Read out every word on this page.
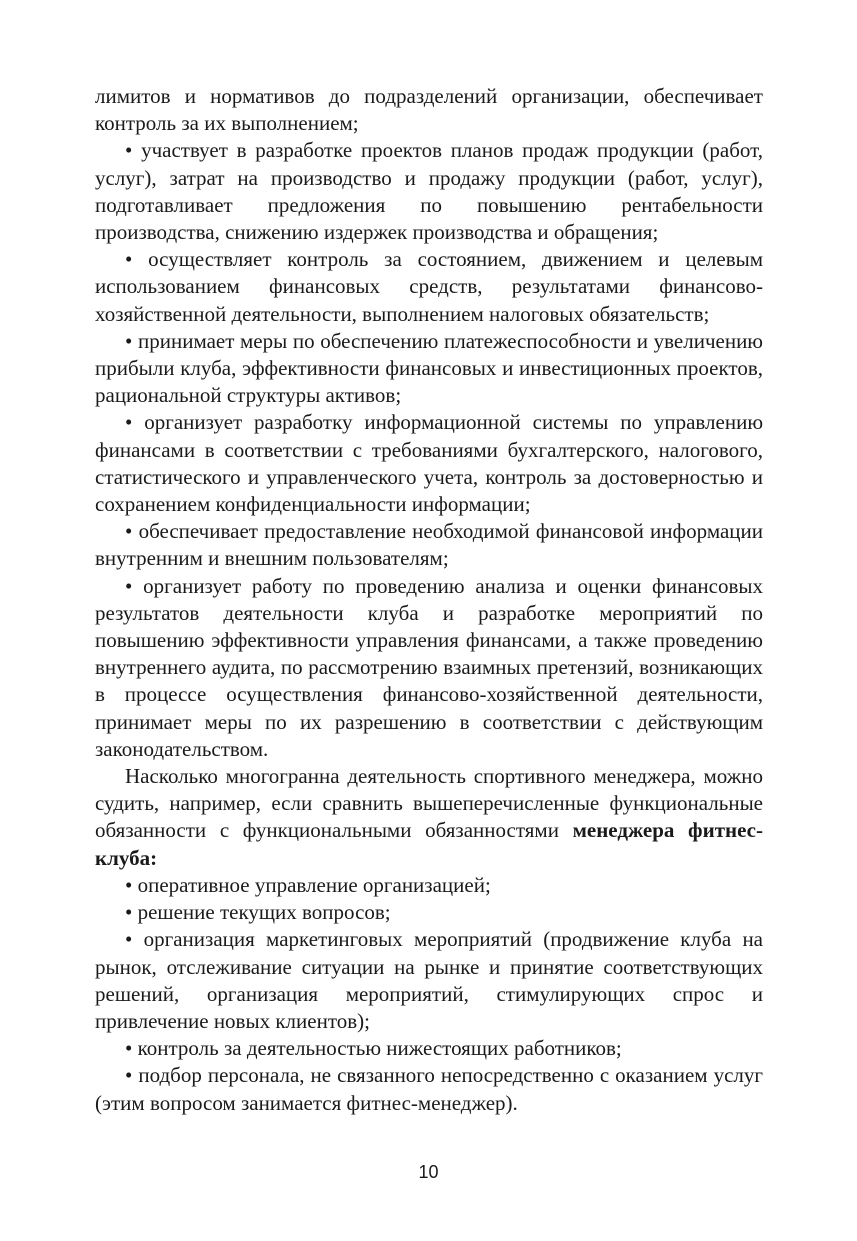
лимитов и нормативов до подразделений организации, обеспечивает контроль за их выполнением;

• участвует в разработке проектов планов продаж продукции (работ, услуг), затрат на производство и продажу продукции (работ, услуг), подготавливает предложения по повышению рентабельности производства, снижению издержек производства и обращения;

• осуществляет контроль за состоянием, движением и целевым использованием финансовых средств, результатами финансово-хозяйственной деятельности, выполнением налоговых обязательств;

• принимает меры по обеспечению платежеспособности и увеличению прибыли клуба, эффективности финансовых и инвестиционных проектов, рациональной структуры активов;

• организует разработку информационной системы по управлению финансами в соответствии с требованиями бухгалтерского, налогового, статистического и управленческого учета, контроль за достоверностью и сохранением конфиденциальности информации;

• обеспечивает предоставление необходимой финансовой информации внутренним и внешним пользователям;

• организует работу по проведению анализа и оценки финансовых результатов деятельности клуба и разработке мероприятий по повышению эффективности управления финансами, а также проведению внутреннего аудита, по рассмотрению взаимных претензий, возникающих в процессе осуществления финансово-хозяйственной деятельности, принимает меры по их разрешению в соответствии с действующим законодательством.

Насколько многогранна деятельность спортивного менеджера, можно судить, например, если сравнить вышеперечисленные функциональные обязанности с функциональными обязанностями менеджера фитнес-клуба:

• оперативное управление организацией;

• решение текущих вопросов;

• организация маркетинговых мероприятий (продвижение клуба на рынок, отслеживание ситуации на рынке и принятие соответствующих решений, организация мероприятий, стимулирующих спрос и привлечение новых клиентов);

• контроль за деятельностью нижестоящих работников;

• подбор персонала, не связанного непосредственно с оказанием услуг (этим вопросом занимается фитнес-менеджер).

10
